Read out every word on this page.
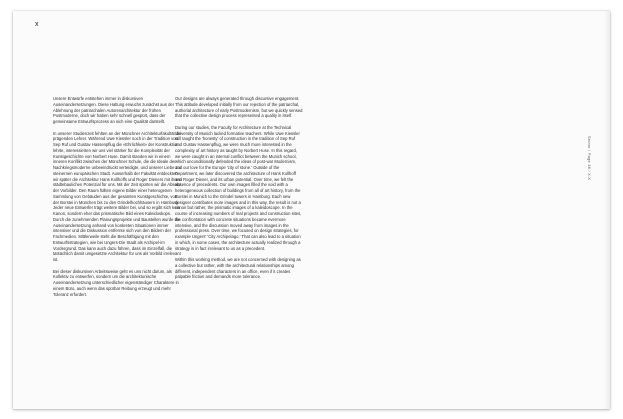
x

Unsere Entwürfe entstehen immer in diskursiven Auseinandersetzungen. Diese Haltung erwuchs zunächst aus der Ablehnung der patriarchalen Autorenarchitektur der frühen Postmoderne, doch wir haben sehr schnell gespürt, dass der gemeinsame Entwurfsprozess an sich eine Qualität darstellt.

In unserer Studienzeit fehlten an der Münchner Architekturfakultät die prägenden Lehrer. Während Uwe Kiessler noch in der Tradition von Sep Ruf und Gustav Hassenpflug die «Ehrlichkeit» der Konstruktion lehrte, interessierten wir uns viel stärker für die Komplexität der Kunstgeschichte von Norbert Huse. Damit standen wir in einem inneren Konflikt zwischen der Münchner Schule, die die Ideale der Nachkriegsmoderne unbeeindruckt verteidigte, und unserer Liebe zur steinernen europäischen Stadt. Ausserhalb der Fakultät entdeckten wir später die Architektur Hans Kollhoffs und Roger Dieners mit ihrem städtebaulichen Potenzial für uns. Mit der Zeit spürten wir die Absenz der Vorbilder. Den Raum füllten eigene Bilder einer heterogenen Sammlung von Gebäuden aus der gesamten Kunstgeschichte, von der Borstei in München bis zu den Grindelhochhäusern in Hamburg. Jeder neue Entwerfer trägt weitere Bilder bei, und so ergibt sich kein Kanon, sondern eher das prismatische Bild eines Kaleidoskops. Durch die zunehmenden Planungsprojekte und Baustellen wurde die Auseinandersetzung anhand von konkreten Situationen immer intensiver und die Diskussion entfernte sich von den Bildern der Fachmedien. Mittlerweile steht die Beschäftigung mit den Entwurfsstrategien, wie bei Ungers-Die Stadt als Archipel-im Vordergrund. Das kann auch dazu führen, dass im Einzelfall, die tatsächlich damit umgesetzte Architektur für uns als Vorbild irrelevant ist.

Bei dieser diskursiven Arbeitsweise geht es uns nicht darum, als Kollektiv zu entwerfen, sondern um die architektonische Auseinandersetzung unterschiedlicher eigenständiger Charaktere in einem Büro, auch wenn das spürbar Reibung erzeugt und mehr Toleranz erfordert.

Our designs are always generated through discursive engagement. This attitude developed initially from our rejection of the patriarchal, authorial architecture of early Postmodernism, but we quickly sensed that the collective design process represented a quality in itself.

During our studies, the Faculty for Architecture at the Technical University of Munich lacked formative teachers. While Uwe Kiessler still taught the 'honesty' of construction in the tradition of Sep Ruf and Gustav Hassenpflug, we were much more interested in the complexity of art history as taught by Norbert Huse. In this regard, we were caught in an internal conflict between the Munich school, which unconditionally defended the ideas of post-war Modernism, and our love for the Europe 'city of stone.' Outside of the Department, we later discovered the architecture of Hans Kollhoff and Roger Diener, and its urban potential. Over time, we felt the absence of precedents. Our own images filled the void with a heterogeneous collection of buildings from all of art history, from the Borstei in Munich to the Grindel towers in Hamburg. Each new designer contributes more images and in this way, the result is not a canon but rather, the prismatic images of a kaleidoscope. In the course of increasing numbers of real projects and construction sites, the confrontation with concrete situations became evermore intensive, and the discussion moved away from images in the professional press. Over time, we focused on design strategies, for example Ungers' 'City Archipelago.' That can also lead to a situation in which, in some cases, the architecture actually realized through a strategy is in fact irrelevant to us as a precedent.

Within this working method, we are not concerned with designing as a collective but rather, with the architectural relationships among different, independent characters in an office, even if it creates palpable friction and demands more tolerance.

Sector / Page 38 / X.X
